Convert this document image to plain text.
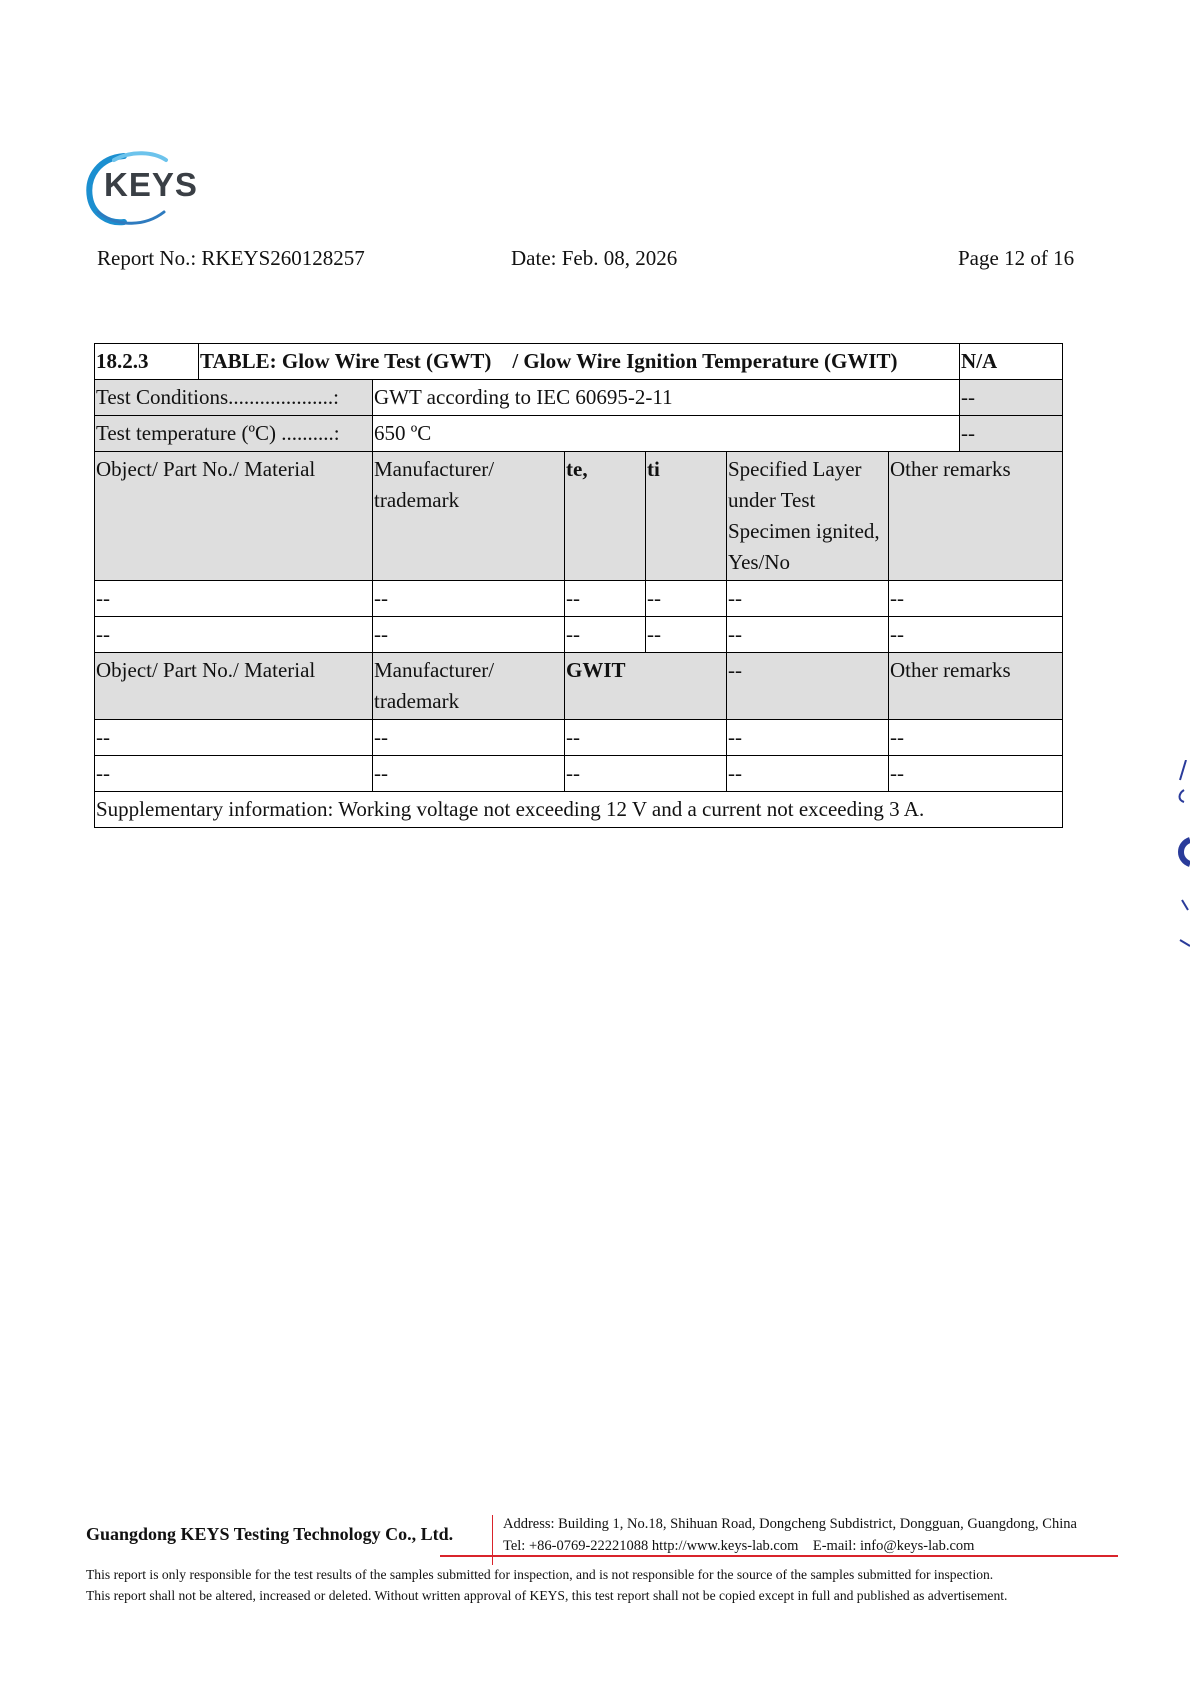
KEYS
Report No.: RKEYS260128257	Date: Feb. 08, 2026	Page 12 of 16
18.2.3	TABLE: Glow Wire Test (GWT)    / Glow Wire Ignition Temperature (GWIT)						N/A
Test Conditions....................:		GWT according to IEC 60695-2-11					--
Test temperature (ºC) ..........:		650 ºC					--
Object/ Part No./ Material		Manufacturer/ trademark	te,	ti	Specified Layer under Test Specimen ignited, Yes/No	Other remarks	
--		--	--	--	--	--	
--		--	--	--	--	--	
Object/ Part No./ Material		Manufacturer/ trademark	GWIT		--	Other remarks	
--		--	--		--	--	
--		--	--		--	--	
Supplementary information: Working voltage not exceeding 12 V and a current not exceeding 3 A.							
Guangdong KEYS Testing Technology Co., Ltd.	Address: Building 1, No.18, Shihuan Road, Dongcheng Subdistrict, Dongguan, Guangdong, China
Tel: +86-0769-22221088 http://www.keys-lab.com    E-mail: info@keys-lab.com
This report is only responsible for the test results of the samples submitted for inspection, and is not responsible for the source of the samples submitted for inspection.
This report shall not be altered, increased or deleted. Without written approval of KEYS, this test report shall not be copied except in full and published as advertisement.
